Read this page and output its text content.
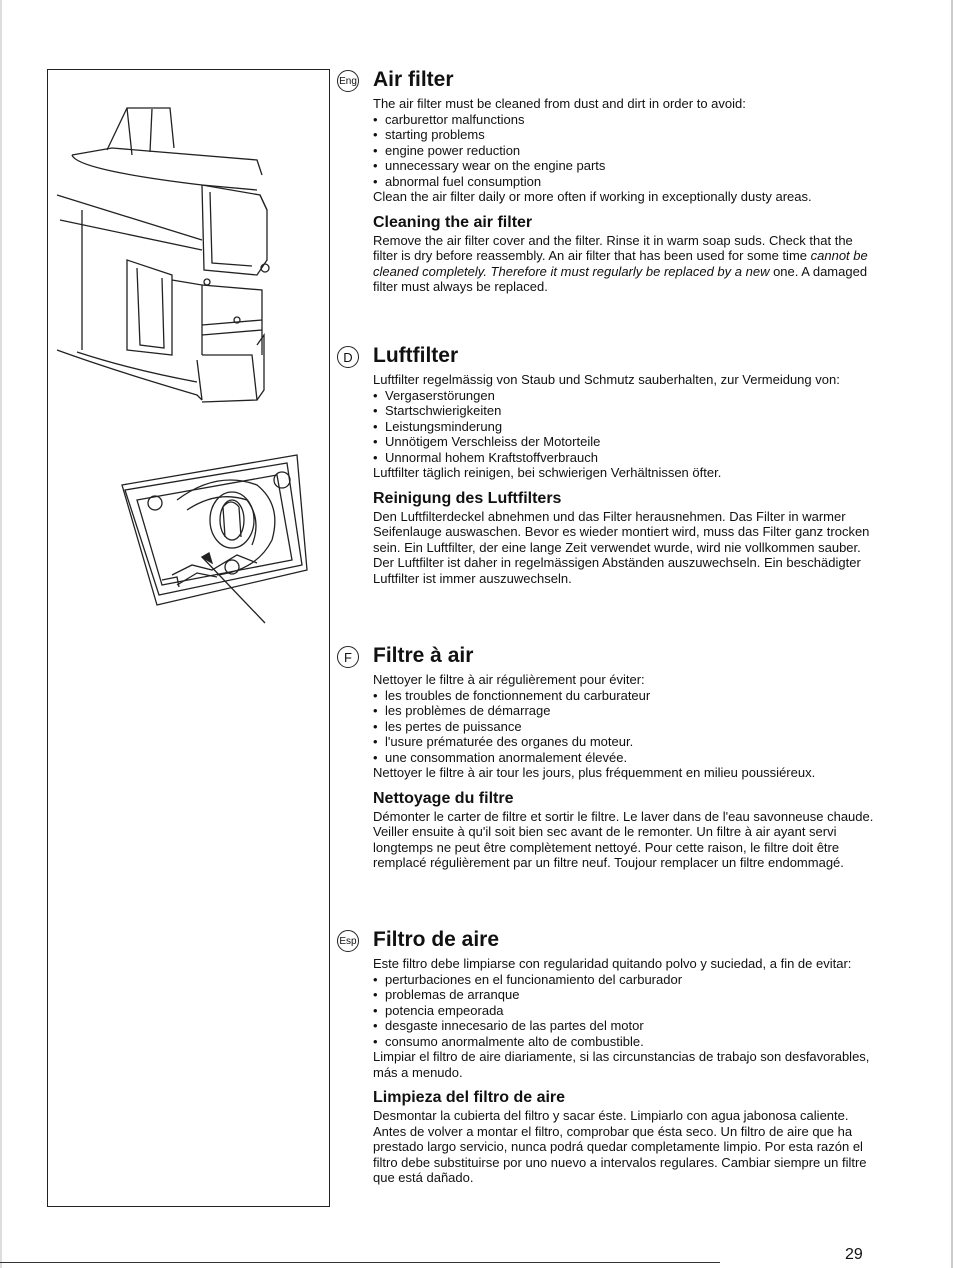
Eng Air filter

The air filter must be cleaned from dust and dirt in order to avoid:

• carburettor malfunctions
• starting problems
• engine power reduction
• unnecessary wear on the engine parts
• abnormal fuel consumption

Clean the air filter daily or more often if working in exceptionally dusty areas.

Cleaning the air filter

Remove the air filter cover and the filter. Rinse it in warm soap suds. Check that the filter is dry before reassembly. An air filter that has been used for some time cannot be cleaned completely. Therefore it must regularly be replaced by a new one. A damaged filter must always be replaced.

D Luftfilter

Luftfilter regelmässig von Staub und Schmutz sauberhalten, zur Vermeidung von:

• Vergaserstörungen
• Startschwierigkeiten
• Leistungsminderung
• Unnötigem Verschleiss der Motorteile
• Unnormal hohem Kraftstoffverbrauch

Luftfilter täglich reinigen, bei schwierigen Verhältnissen öfter.

Reinigung des Luftfilters

Den Luftfilterdeckel abnehmen und das Filter herausnehmen. Das Filter in warmer Seifenlauge auswaschen. Bevor es wieder montiert wird, muss das Filter ganz trocken sein. Ein Luftfilter, der eine lange Zeit verwendet wurde, wird nie vollkommen sauber. Der Luftfilter ist daher in regelmässigen Abständen auszuwechseln. Ein beschädigter Luftfilter ist immer auszuwechseln.

F	Filtre à air

Nettoyer le filtre à air régulièrement pour éviter:

• les troubles de fonctionnement du carburateur
• les problèmes de démarrage
• les pertes de puissance
• l'usure prématurée des organes du moteur.
• une consommation anormalement élevée.

Nettoyer le filtre à air tour les jours, plus fréquemment en milieu poussiéreux.

Nettoyage du filtre

Démonter le carter de filtre et sortir le filtre. Le laver dans de l'eau savonneuse chaude. Veiller ensuite à qu'il soit bien sec avant de le remonter. Un filtre à air ayant servi longtemps ne peut être complètement nettoyé. Pour cette raison, le filtre doit être remplacé régulièrement par un filtre neuf. Toujour remplacer un filtre endommagé.

Esp Filtro de aire

Este filtro debe limpiarse con regularidad quitando polvo y suciedad, a fin de evitar:

• perturbaciones en el funcionamiento del carburador
• problemas de arranque
• potencia empeorada
• desgaste innecesario de las partes del motor
• consumo anormalmente alto de combustible.

Limpiar el filtro de aire diariamente, si las circunstancias de trabajo son desfavorables, más a menudo.

Limpieza del filtro de aire

Desmontar la cubierta del filtro y sacar éste. Limpiarlo con agua jabonosa caliente. Antes de volver a montar el filtro, comprobar que ésta seco. Un filtro de aire que ha prestado largo servicio, nunca podrá quedar completamente limpio. Por esta razón el filtro debe substituirse por uno nuevo a intervalos regulares. Cambiar siempre un filtre que está dañado.

29
